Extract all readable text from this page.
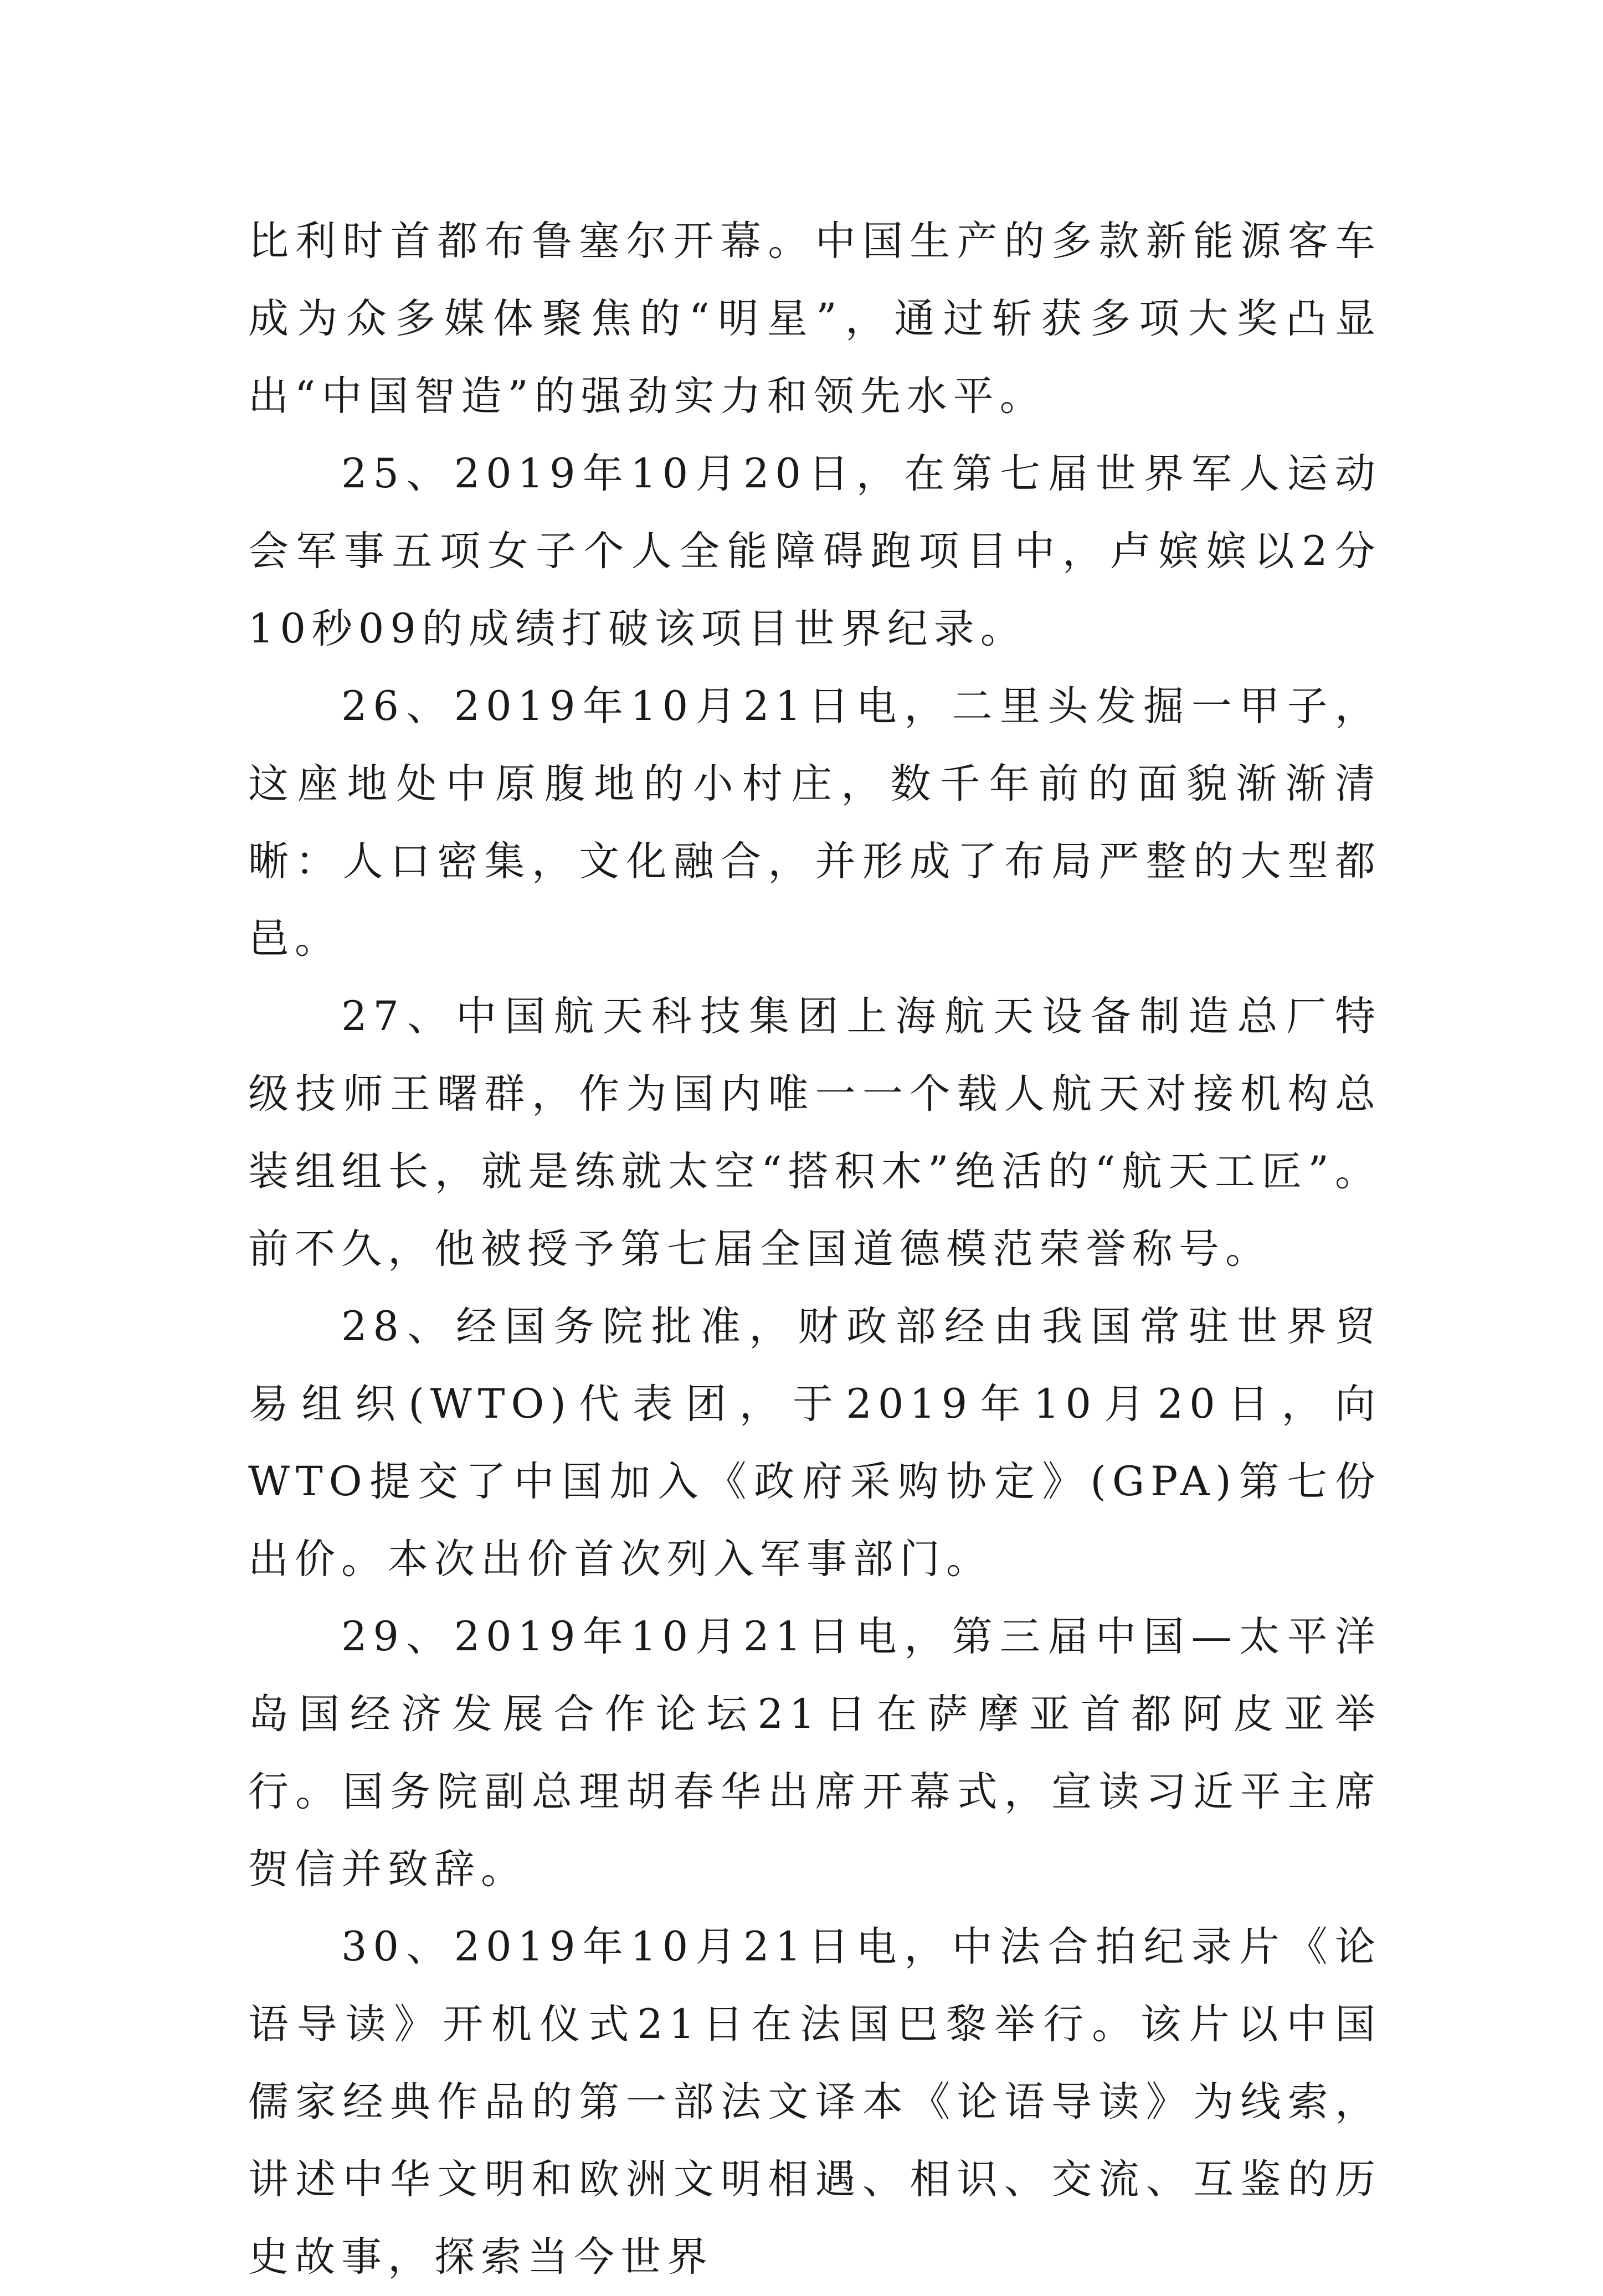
比利时首都布鲁塞尔开幕。中国生产的多款新能源客车成为众多媒体聚焦的“明星”，通过斩获多项大奖凸显出“中国智造”的强劲实力和领先水平。

25、2019年10月20日，在第七届世界军人运动会军事五项女子个人全能障碍跑项目中，卢嫔嫔以2分10秒09的成绩打破该项目世界纪录。

26、2019年10月21日电，二里头发掘一甲子，这座地处中原腹地的小村庄，数千年前的面貌渐渐清晰：人口密集，文化融合，并形成了布局严整的大型都邑。

27、中国航天科技集团上海航天设备制造总厂特级技师王曙群，作为国内唯一一个载人航天对接机构总装组组长，就是练就太空“搭积木”绝活的“航天工匠”。前不久，他被授予第七届全国道德模范荣誉称号。

28、经国务院批准，财政部经由我国常驻世界贸易组织(WTO)代表团，于2019年10月20日，向WTO提交了中国加入《政府采购协定》(GPA)第七份出价。本次出价首次列入军事部门。

29、2019年10月21日电，第三届中国—太平洋岛国经济发展合作论坛21日在萨摩亚首都阿皮亚举行。国务院副总理胡春华出席开幕式，宣读习近平主席贺信并致辞。

30、2019年10月21日电，中法合拍纪录片《论语导读》开机仪式21日在法国巴黎举行。该片以中国儒家经典作品的第一部法文译本《论语导读》为线索，讲述中华文明和欧洲文明相遇、相识、交流、互鉴的历史故事，探索当今世界
